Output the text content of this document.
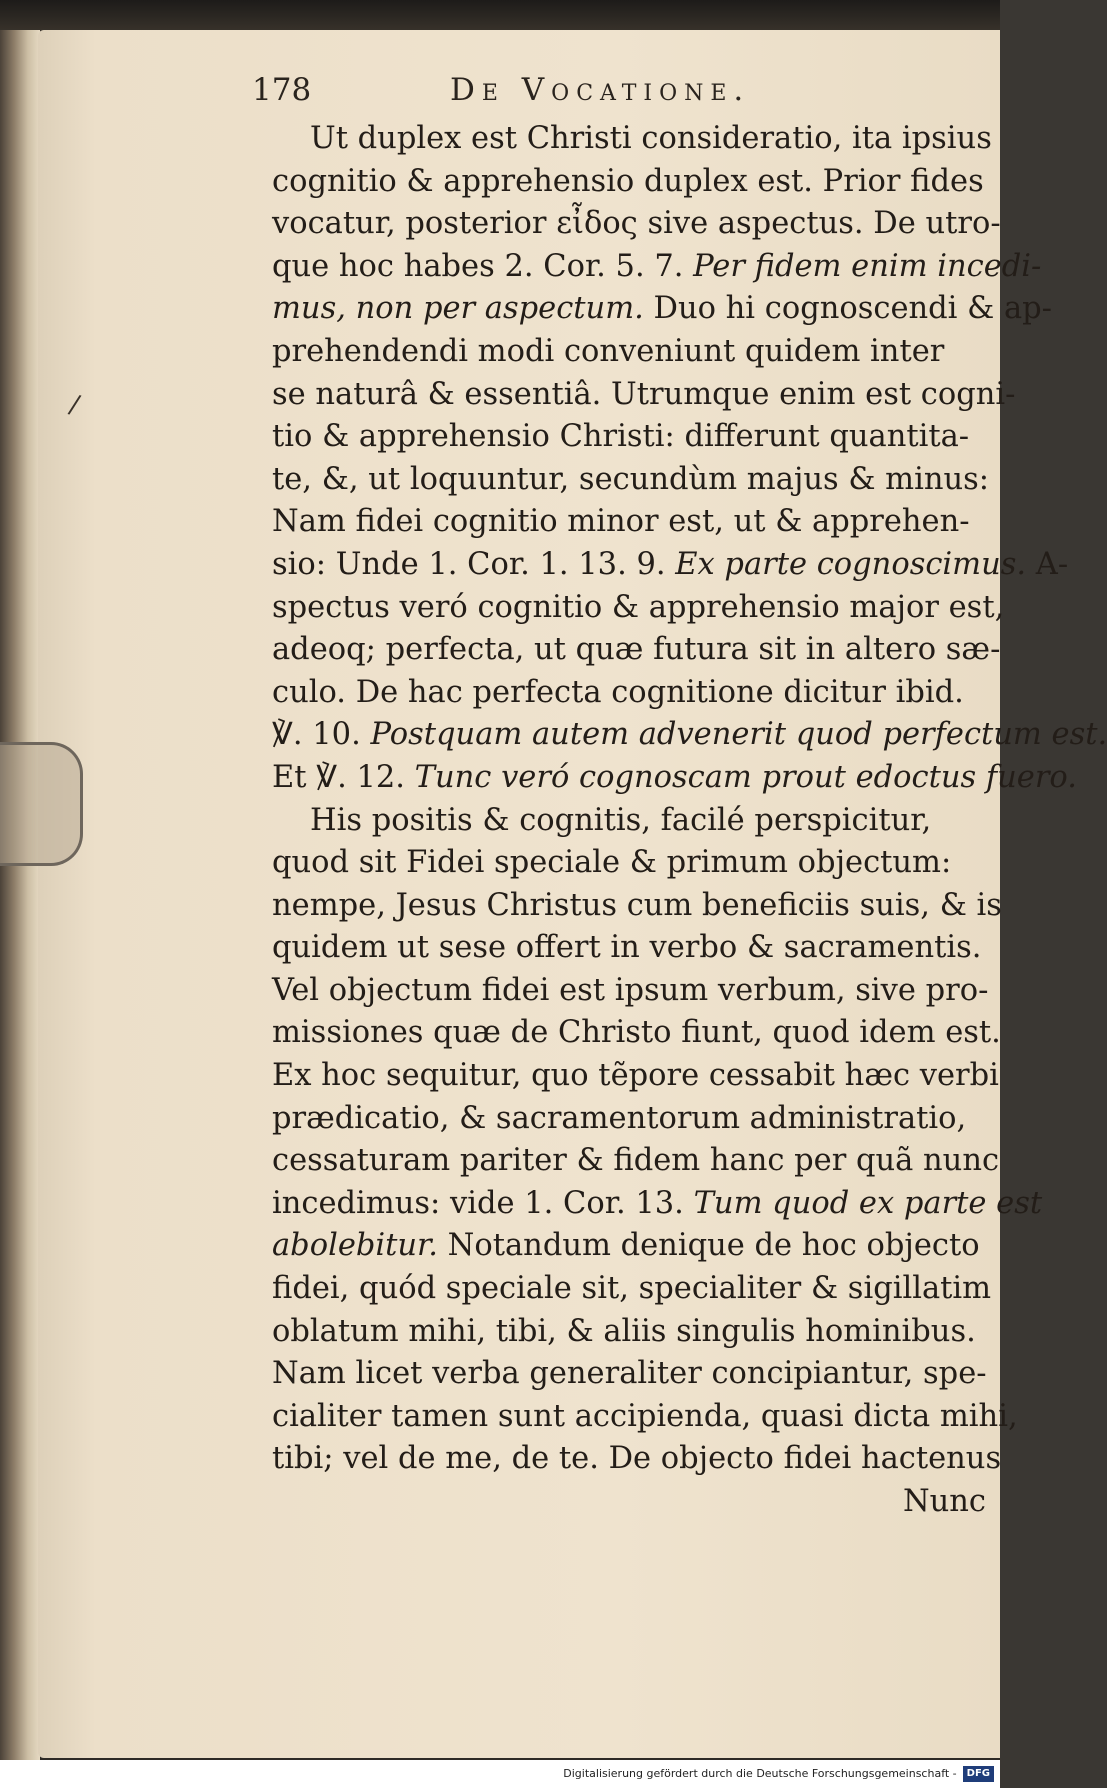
178	De Vocatione.
/
Ut duplex est Christi consideratio, ita ipsius
cognitio & apprehensio duplex est. Prior fides
vocatur, posterior εἶδος sive aspectus. De utro-
que hoc habes 2. Cor. 5. 7. Per fidem enim incedi-
mus, non per aspectum. Duo hi cognoscendi & ap-
prehendendi modi conveniunt quidem inter
se naturâ & essentiâ. Utrumque enim est cogni-
tio & apprehensio Christi: differunt quantita-
te, &, ut loquuntur, secundùm majus & minus:
Nam fidei cognitio minor est, ut & apprehen-
sio: Unde 1. Cor. 1. 13. 9. Ex parte cognoscimus. A-
spectus veró cognitio & apprehensio major est,
adeoq; perfecta, ut quæ futura sit in altero sæ-
culo. De hac perfecta cognitione dicitur ibid.
℣. 10. Postquam autem advenerit quod perfectum est.
Et ℣. 12. Tunc veró cognoscam prout edoctus fuero.
His positis & cognitis, facilé perspicitur,
quod sit Fidei speciale & primum objectum:
nempe, Jesus Christus cum beneficiis suis, & is
quidem ut sese offert in verbo & sacramentis.
Vel objectum fidei est ipsum verbum, sive pro-
missiones quæ de Christo fiunt, quod idem est.
Ex hoc sequitur, quo tẽpore cessabit hæc verbi
prædicatio, & sacramentorum administratio,
cessaturam pariter & fidem hanc per quã nunc
incedimus: vide 1. Cor. 13. Tum quod ex parte est
abolebitur. Notandum denique de hoc objecto
fidei, quód speciale sit, specialiter & sigillatim
oblatum mihi, tibi, & aliis singulis hominibus.
Nam licet verba generaliter concipiantur, spe-
cialiter tamen sunt accipienda, quasi dicta mihi,
tibi; vel de me, de te. De objecto fidei hactenus
Nunc
Digitalisierung gefördert durch die Deutsche Forschungsgemeinschaft - DFG
